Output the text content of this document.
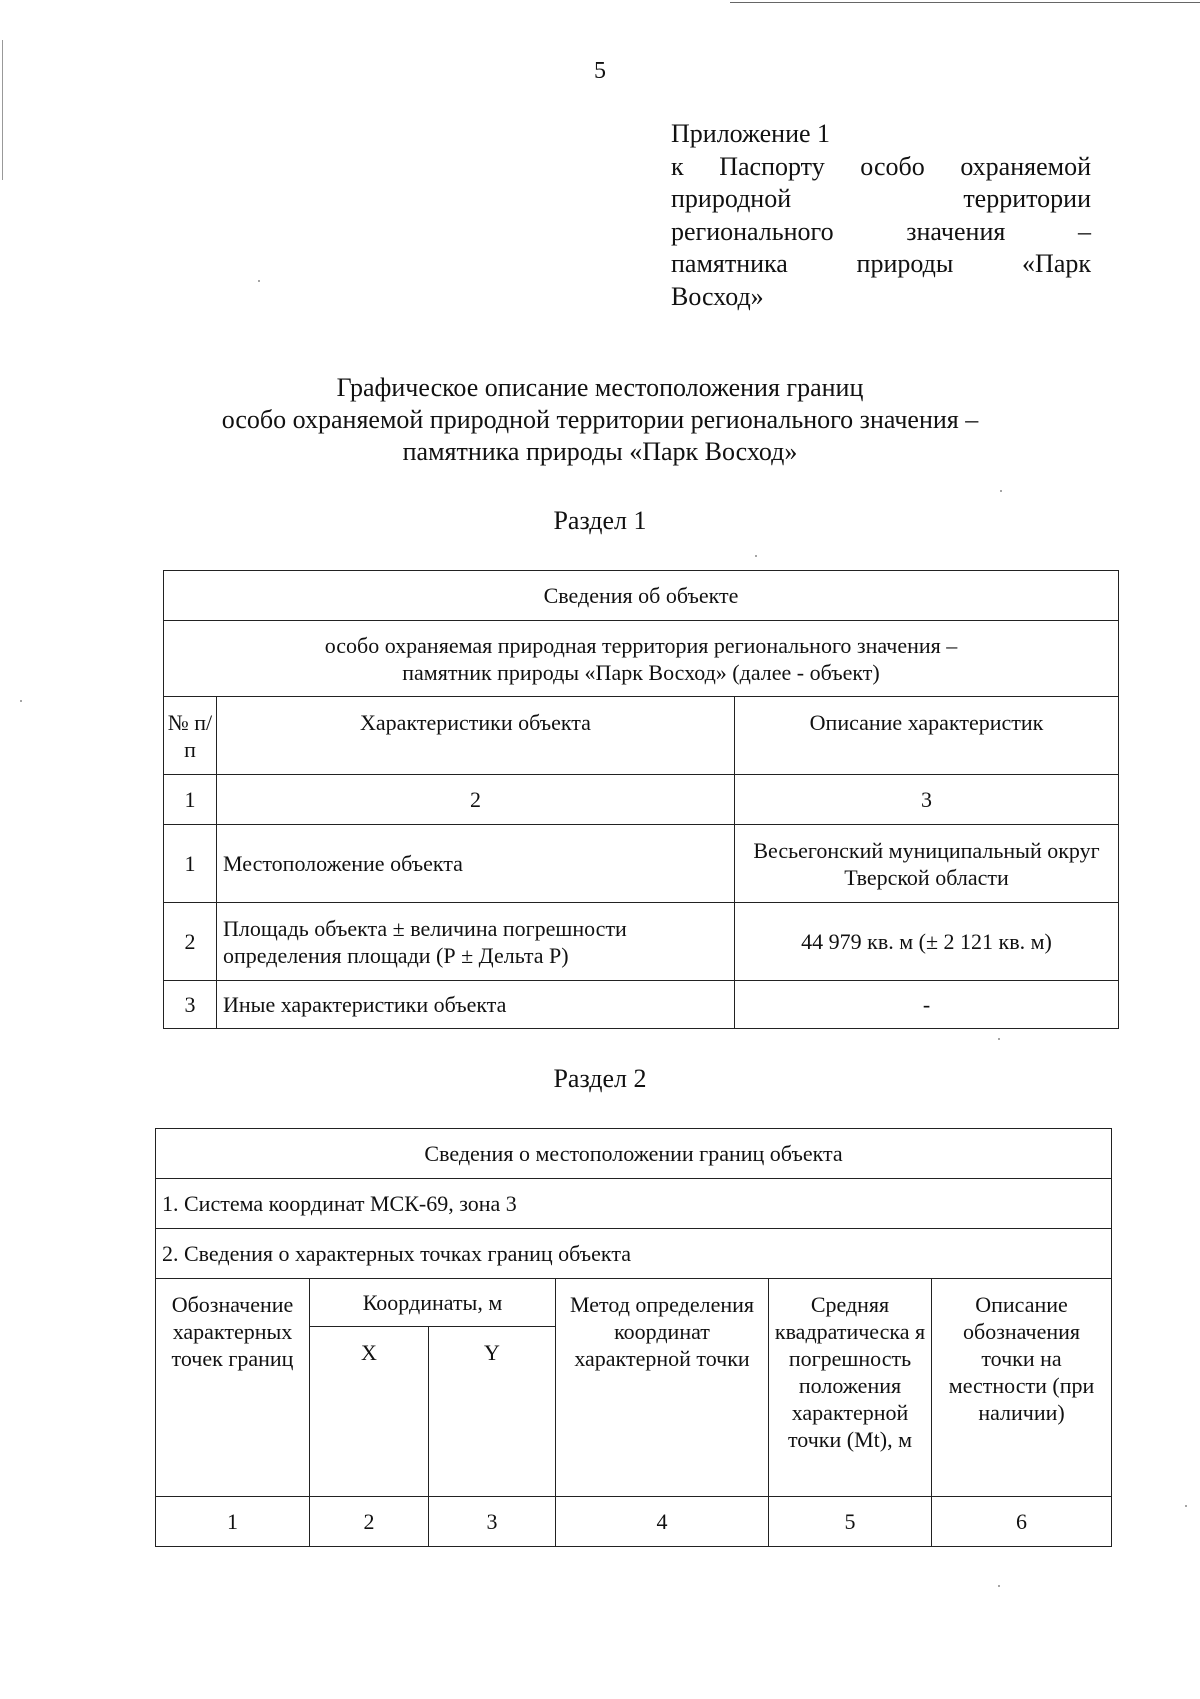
5
Приложение 1
к Паспорту особо охраняемой
природной территории
регионального значения –
памятника природы «Парк
Восход»
Графическое описание местоположения границ
особо охраняемой природной территории регионального значения –
памятника природы «Парк Восход»
Раздел 1
Сведения об объекте		

особо охраняемая природная территория регионального значения –
памятник природы «Парк Восход» (далее - объект)		

№ п/п	Характеристики объекта	Описание характеристик
1	2	3
1	Местоположение объекта	Весьегонский муниципальный округ Тверской области
2	Площадь объекта ± величина погрешности определения площади (Р ± Дельта Р)	44 979 кв. м (± 2 121 кв. м)
3	Иные характеристики объекта	-
Раздел 2
Сведения о местоположении границ объекта					
1. Система координат МСК-69, зона 3					
2. Сведения о характерных точках границ объекта					
Обозначение характерных точек границ	Координаты, м		Метод определения координат характерной точки	Средняя квадратическа я погрешность положения характерной точки (Mt), м	Описание обозначения точки на местности (при наличии)
	X	Y			
1	2	3	4	5	6
